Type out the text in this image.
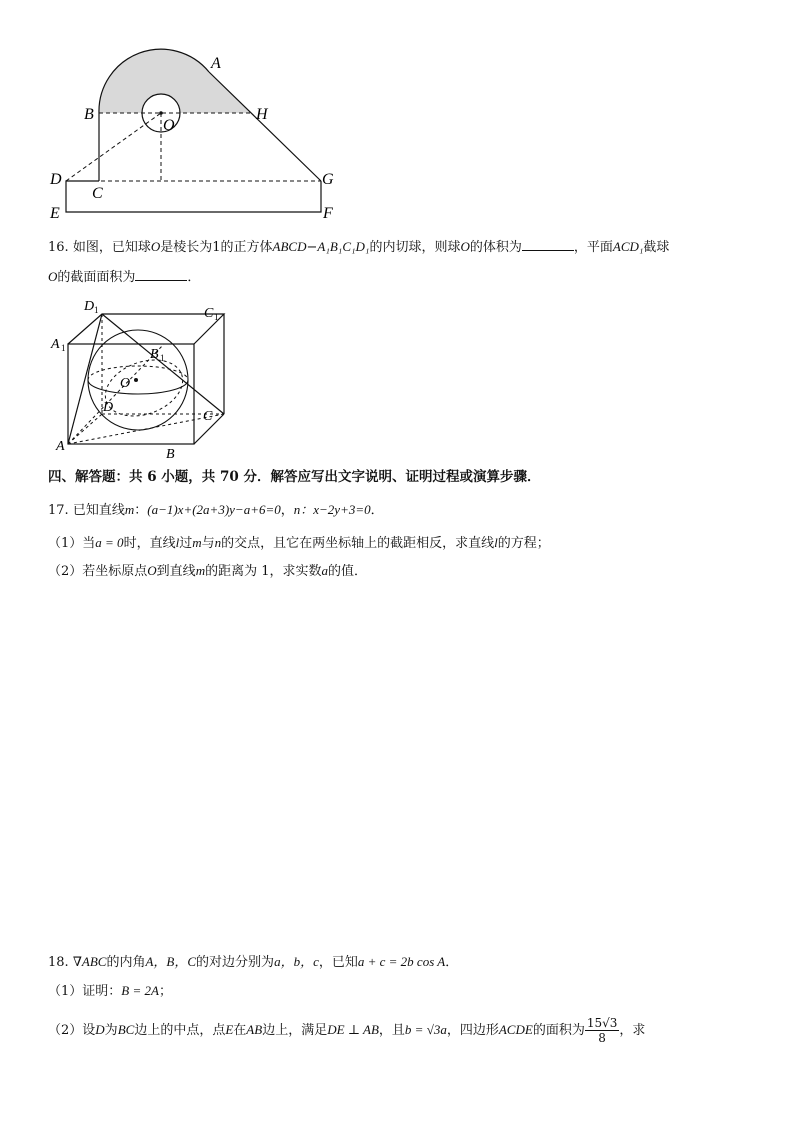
A
B
O
H
D
C
G
E	F
16. 如图，已知球O是棱长为1的正方体ABCD−A₁B₁C₁D₁的内切球，则球O的体积为	，平面ACD₁截球
O的截面面积为	．
D 1	C 1
A 1	B 1
O
D
C
A
B
四、解答题：共 6 小题，共 70 分．解答应写出文字说明、证明过程或演算步骤．
17. 已知直线m：(a−1)x+(2a+3)y−a+6=0，n：x−2y+3=0．
（1）当a = 0时，直线l过m与n的交点，且它在两坐标轴上的截距相反，求直线l的方程；
（2）若坐标原点O到直线m的距离为 1，求实数a的值．
18. ∇ABC的内角A，B，C的对边分别为a，b，c，已知a + c = 2b cos A．
（1）证明：B = 2A；
（2）设D为BC边上的中点，点E在AB边上，满足DE ⊥ AB，且b = √3a，四边形ACDE的面积为 $\frac{15√3}{8}$ ，求
